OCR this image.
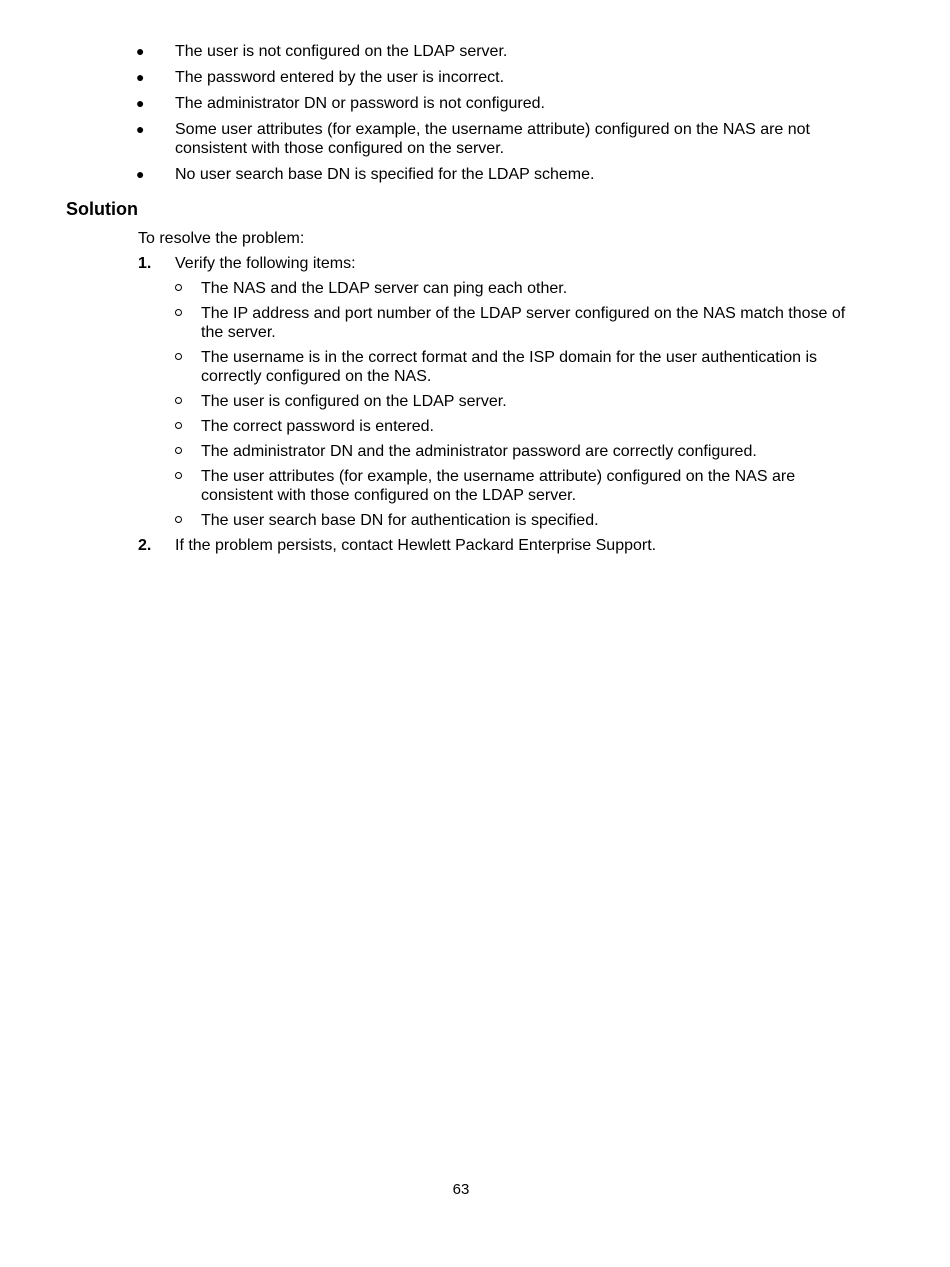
● The user is not configured on the LDAP server.
● The password entered by the user is incorrect.
● The administrator DN or password is not configured.
● Some user attributes (for example, the username attribute) configured on the NAS are not consistent with those configured on the server.
● No user search base DN is specified for the LDAP scheme.
Solution

To resolve the problem:

1. Verify the following items:
The NAS and the LDAP server can ping each other.
The IP address and port number of the LDAP server configured on the NAS match those of the server.
The username is in the correct format and the ISP domain for the user authentication is correctly configured on the NAS.
The user is configured on the LDAP server.
The correct password is entered.
The administrator DN and the administrator password are correctly configured.
The user attributes (for example, the username attribute) configured on the NAS are consistent with those configured on the LDAP server.
The user search base DN for authentication is specified.
2. If the problem persists, contact Hewlett Packard Enterprise Support.
63
